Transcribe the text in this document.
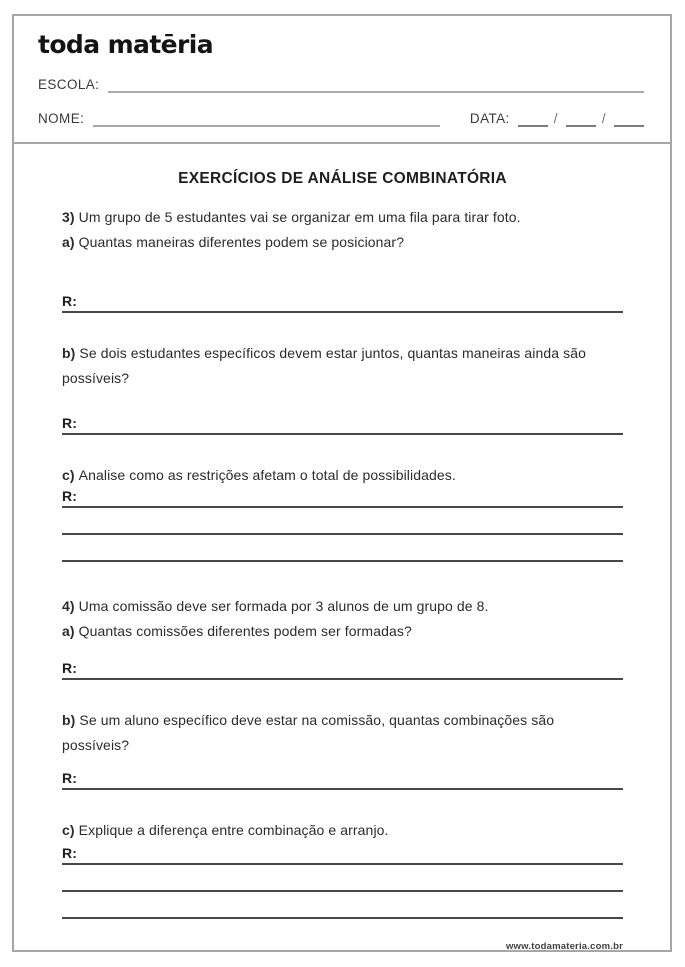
toda matēria
ESCOLA:
NOME:	DATA:	/	/
EXERCÍCIOS DE ANÁLISE COMBINATÓRIA
3) Um grupo de 5 estudantes vai se organizar em uma fila para tirar foto.
a) Quantas maneiras diferentes podem se posicionar?
R:
b) Se dois estudantes específicos devem estar juntos, quantas maneiras ainda são possíveis?
R:
c) Analise como as restrições afetam o total de possibilidades.
R:
4) Uma comissão deve ser formada por 3 alunos de um grupo de 8.
a) Quantas comissões diferentes podem ser formadas?
R:
b) Se um aluno específico deve estar na comissão, quantas combinações são possíveis?
R:
c) Explique a diferença entre combinação e arranjo.
R:
www.todamateria.com.br
